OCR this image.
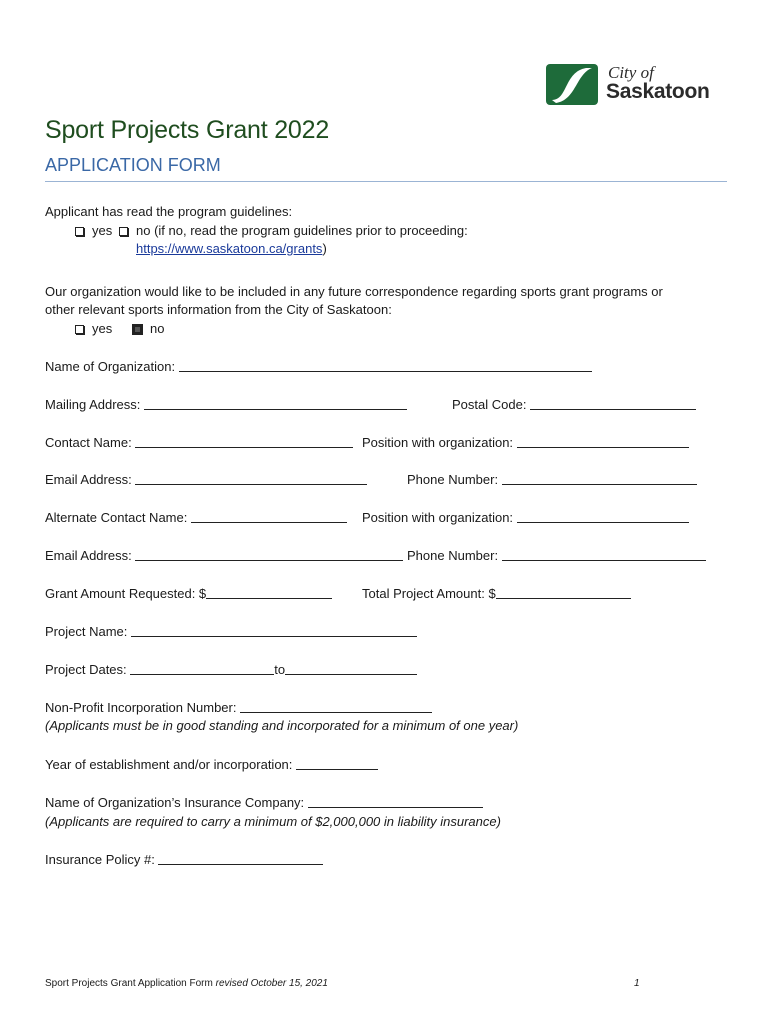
City of
Saskatoon
Sport Projects Grant 2022
APPLICATION FORM
Applicant has read the program guidelines:
yes	no (if no, read the program guidelines prior to proceeding:
https://www.saskatoon.ca/grants)
Our organization would like to be included in any future correspondence regarding sports grant programs or
other relevant sports information from the City of Saskatoon:
yes	no
Name of Organization:
Mailing Address:	Postal Code:
Contact Name:	Position with organization:
Email Address:	Phone Number:
Alternate Contact Name:	Position with organization:
Email Address:	Phone Number:
Grant Amount Requested: $	Total Project Amount: $
Project Name:
Project Dates:	to
Non-Profit Incorporation Number:
(Applicants must be in good standing and incorporated for a minimum of one year)
Year of establishment and/or incorporation:
Name of Organization’s Insurance Company:
(Applicants are required to carry a minimum of $2,000,000 in liability insurance)
Insurance Policy #:
Sport Projects Grant Application Form revised October 15, 2021	1
